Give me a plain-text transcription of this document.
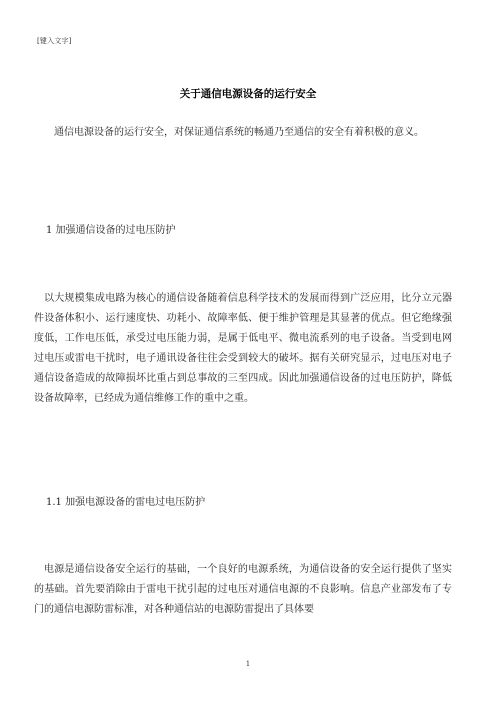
[键入文字]
关于通信电源设备的运行安全
通信电源设备的运行安全，对保证通信系统的畅通乃至通信的安全有着积极的意义。
1 加强通信设备的过电压防护
以大规模集成电路为核心的通信设备随着信息科学技术的发展而得到广泛应用，比分立元器件设备体积小、运行速度快、功耗小、故障率低、便于维护管理是其显著的优点。但它绝缘强度低，工作电压低，承受过电压能力弱，是属于低电平、微电流系列的电子设备。当受到电网过电压或雷电干扰时，电子通讯设备往往会受到较大的破坏。据有关研究显示，过电压对电子通信设备造成的故障损坏比重占到总事故的三至四成。因此加强通信设备的过电压防护，降低设备故障率，已经成为通信维修工作的重中之重。
1.1 加强电源设备的雷电过电压防护
电源是通信设备安全运行的基础，一个良好的电源系统，为通信设备的安全运行提供了坚实的基础。首先要消除由于雷电干扰引起的过电压对通信电源的不良影响。信息产业部发布了专门的通信电源防雷标准，对各种通信站的电源防雷提出了具体要
1
